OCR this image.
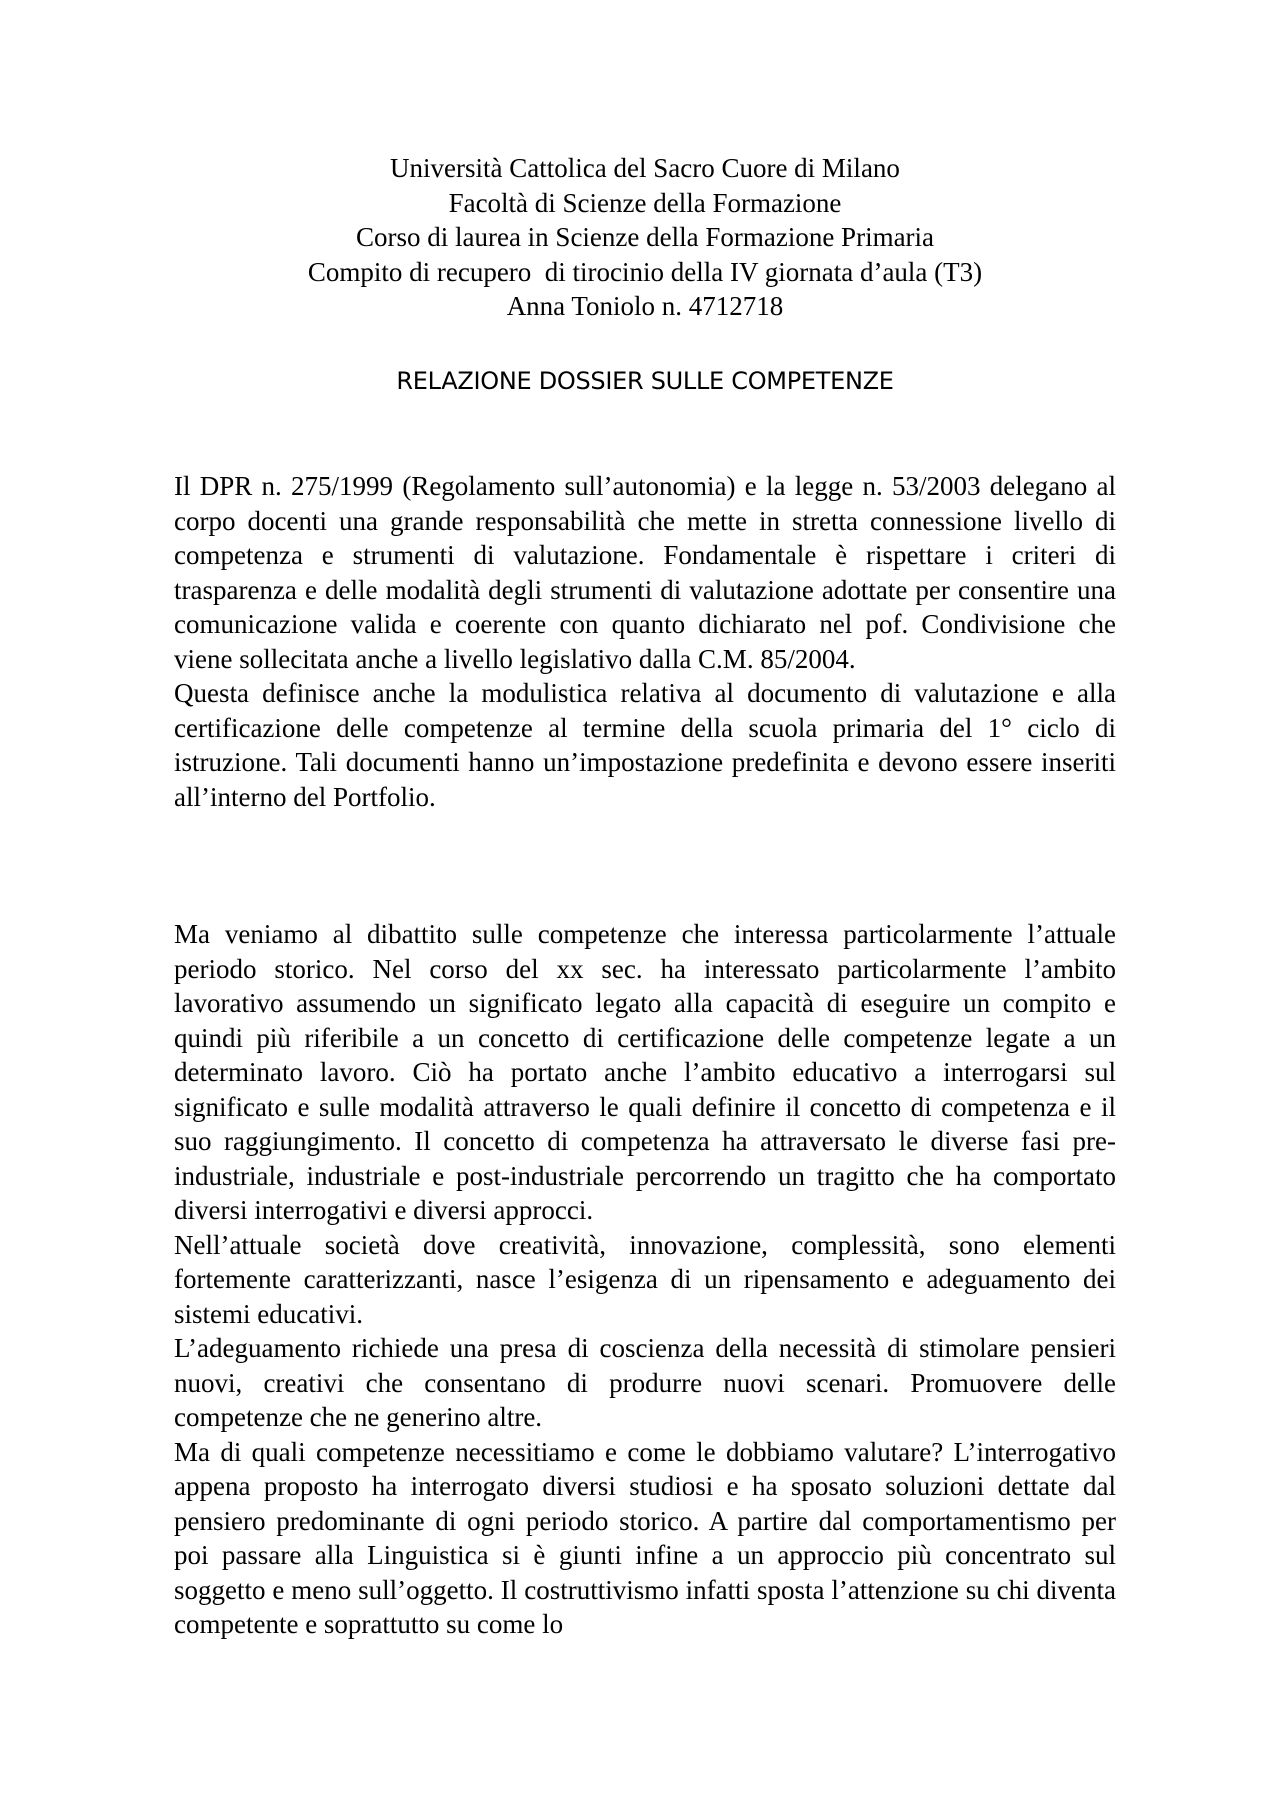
Università Cattolica del Sacro Cuore di Milano
Facoltà di Scienze della Formazione
Corso di laurea in Scienze della Formazione Primaria
Compito di recupero  di tirocinio della IV giornata d’aula (T3)
Anna Toniolo n. 4712718
RELAZIONE DOSSIER SULLE COMPETENZE

Il DPR n. 275/1999 (Regolamento sull’autonomia) e la legge n. 53/2003 delegano al corpo docenti una grande responsabilità che mette in stretta connessione livello di competenza e strumenti di valutazione. Fondamentale è rispettare i criteri di trasparenza e delle modalità degli strumenti di valutazione adottate per consentire una comunicazione valida e coerente con quanto dichiarato nel pof. Condivisione che viene sollecitata anche a livello legislativo dalla C.M. 85/2004.

Questa definisce anche la modulistica relativa al documento di valutazione e alla certificazione delle competenze al termine della scuola primaria del 1° ciclo di istruzione. Tali documenti hanno un’impostazione predefinita e devono essere inseriti all’interno del Portfolio.

Ma veniamo al dibattito sulle competenze che interessa particolarmente l’attuale periodo storico. Nel corso del xx sec. ha interessato particolarmente l’ambito lavorativo assumendo un significato legato alla capacità di eseguire un compito e quindi più riferibile a un concetto di certificazione delle competenze legate a un determinato lavoro. Ciò ha portato anche l’ambito educativo a interrogarsi sul significato e sulle modalità attraverso le quali definire il concetto di competenza e il suo raggiungimento. Il concetto di competenza ha attraversato le diverse fasi pre-industriale, industriale e post-industriale percorrendo un tragitto che ha comportato diversi interrogativi e diversi approcci.

Nell’attuale società dove creatività, innovazione, complessità, sono elementi fortemente caratterizzanti, nasce l’esigenza di un ripensamento e adeguamento dei sistemi educativi.

L’adeguamento richiede una presa di coscienza della necessità di stimolare pensieri nuovi, creativi che consentano di produrre nuovi scenari. Promuovere delle competenze che ne generino altre.

Ma di quali competenze necessitiamo e come le dobbiamo valutare? L’interrogativo appena proposto ha interrogato diversi studiosi e ha sposato soluzioni dettate dal pensiero predominante di ogni periodo storico. A partire dal comportamentismo per poi passare alla Linguistica si è giunti infine a un approccio più concentrato sul soggetto e meno sull’oggetto. Il costruttivismo infatti sposta l’attenzione su chi diventa competente e soprattutto su come lo
